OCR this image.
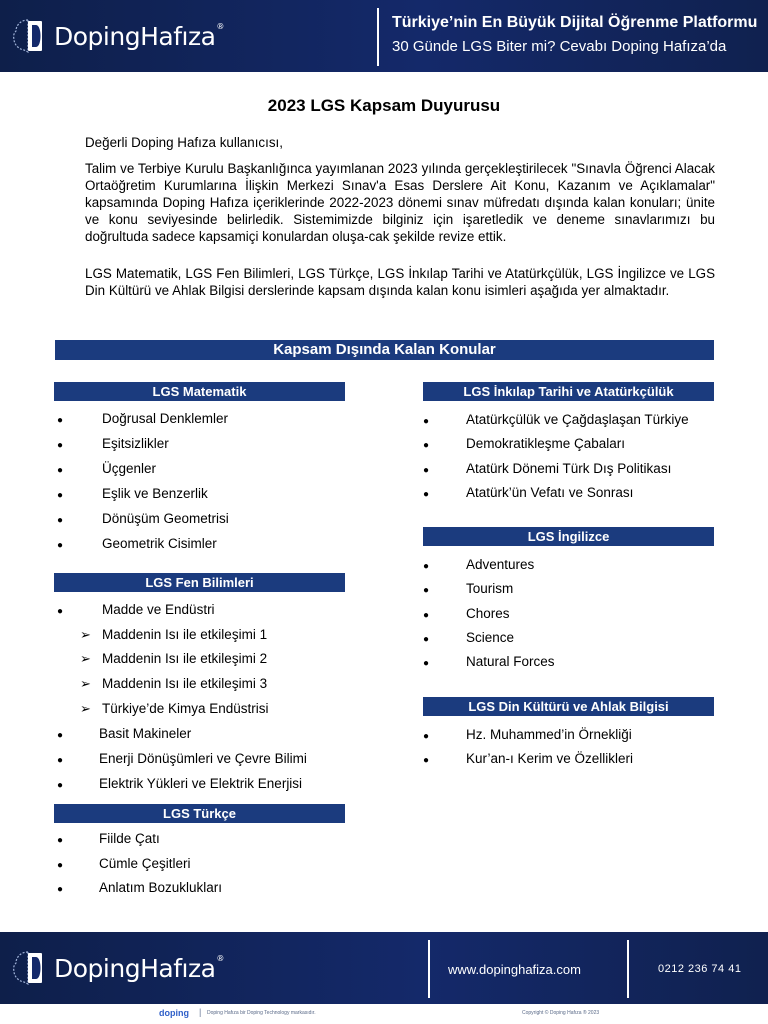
DopingHafıza®	Türkiye’nin En Büyük Dijital Öğrenme Platformu
30 Günde LGS Biter mi? Cevabı Doping Hafıza’da
2023 LGS Kapsam Duyurusu
Değerli Doping Hafıza kullanıcısı,
Talim ve Terbiye Kurulu Başkanlığınca yayımlanan 2023 yılında gerçekleştirilecek "Sınavla Öğrenci Alacak Ortaöğretim Kurumlarına İlişkin Merkezi Sınav'a Esas Derslere Ait Konu, Kazanım ve Açıklamalar" kapsamında Doping Hafıza içeriklerinde 2022-2023 dönemi sınav müfredatı dışında kalan konuları; ünite ve konu seviyesinde belirledik. Sistemimizde bilginiz için işaretledik ve deneme sınavlarımızı bu doğrultuda sadece kapsamiçi konulardan oluşa-cak şekilde revize ettik.
LGS Matematik, LGS Fen Bilimleri, LGS Türkçe, LGS İnkılap Tarihi ve Atatürkçülük, LGS İngilizce ve LGS Din Kültürü ve Ahlak Bilgisi derslerinde kapsam dışında kalan konu isimleri aşağıda yer almaktadır.
Kapsam Dışında Kalan Konular
LGS Matematik
●	Doğrusal Denklemler
●	Eşitsizlikler
●	Üçgenler
●	Eşlik ve Benzerlik
●	Dönüşüm Geometrisi
●	Geometrik Cisimler
LGS Fen Bilimleri
●	Madde ve Endüstri
➢ Maddenin Isı ile etkileşimi 1
➢ Maddenin Isı ile etkileşimi 2
➢ Maddenin Isı ile etkileşimi 3
➢ Türkiye’de Kimya Endüstrisi
●	Basit Makineler
●	Enerji Dönüşümleri ve Çevre Bilimi
●	Elektrik Yükleri ve Elektrik Enerjisi
LGS Türkçe
●	Fiilde Çatı
●	Cümle Çeşitleri
●	Anlatım Bozuklukları
LGS İnkılap Tarihi ve Atatürkçülük
●	Atatürkçülük ve Çağdaşlaşan Türkiye
●	Demokratikleşme Çabaları
●	Atatürk Dönemi Türk Dış Politikası
●	Atatürk’ün Vefatı ve Sonrası
LGS İngilizce
●	Adventures
●	Tourism
●	Chores
●	Science
●	Natural Forces
LGS Din Kültürü ve Ahlak Bilgisi
●	Hz. Muhammed’in Örnekliği
●	Kur’an-ı Kerim ve Özellikleri
DopingHafıza®
www.dopinghafiza.com	0212 236 74 41
doping | Doping Hafıza bir Doping Technology markasıdır.	Copyright © Doping Hafıza ® 2023
